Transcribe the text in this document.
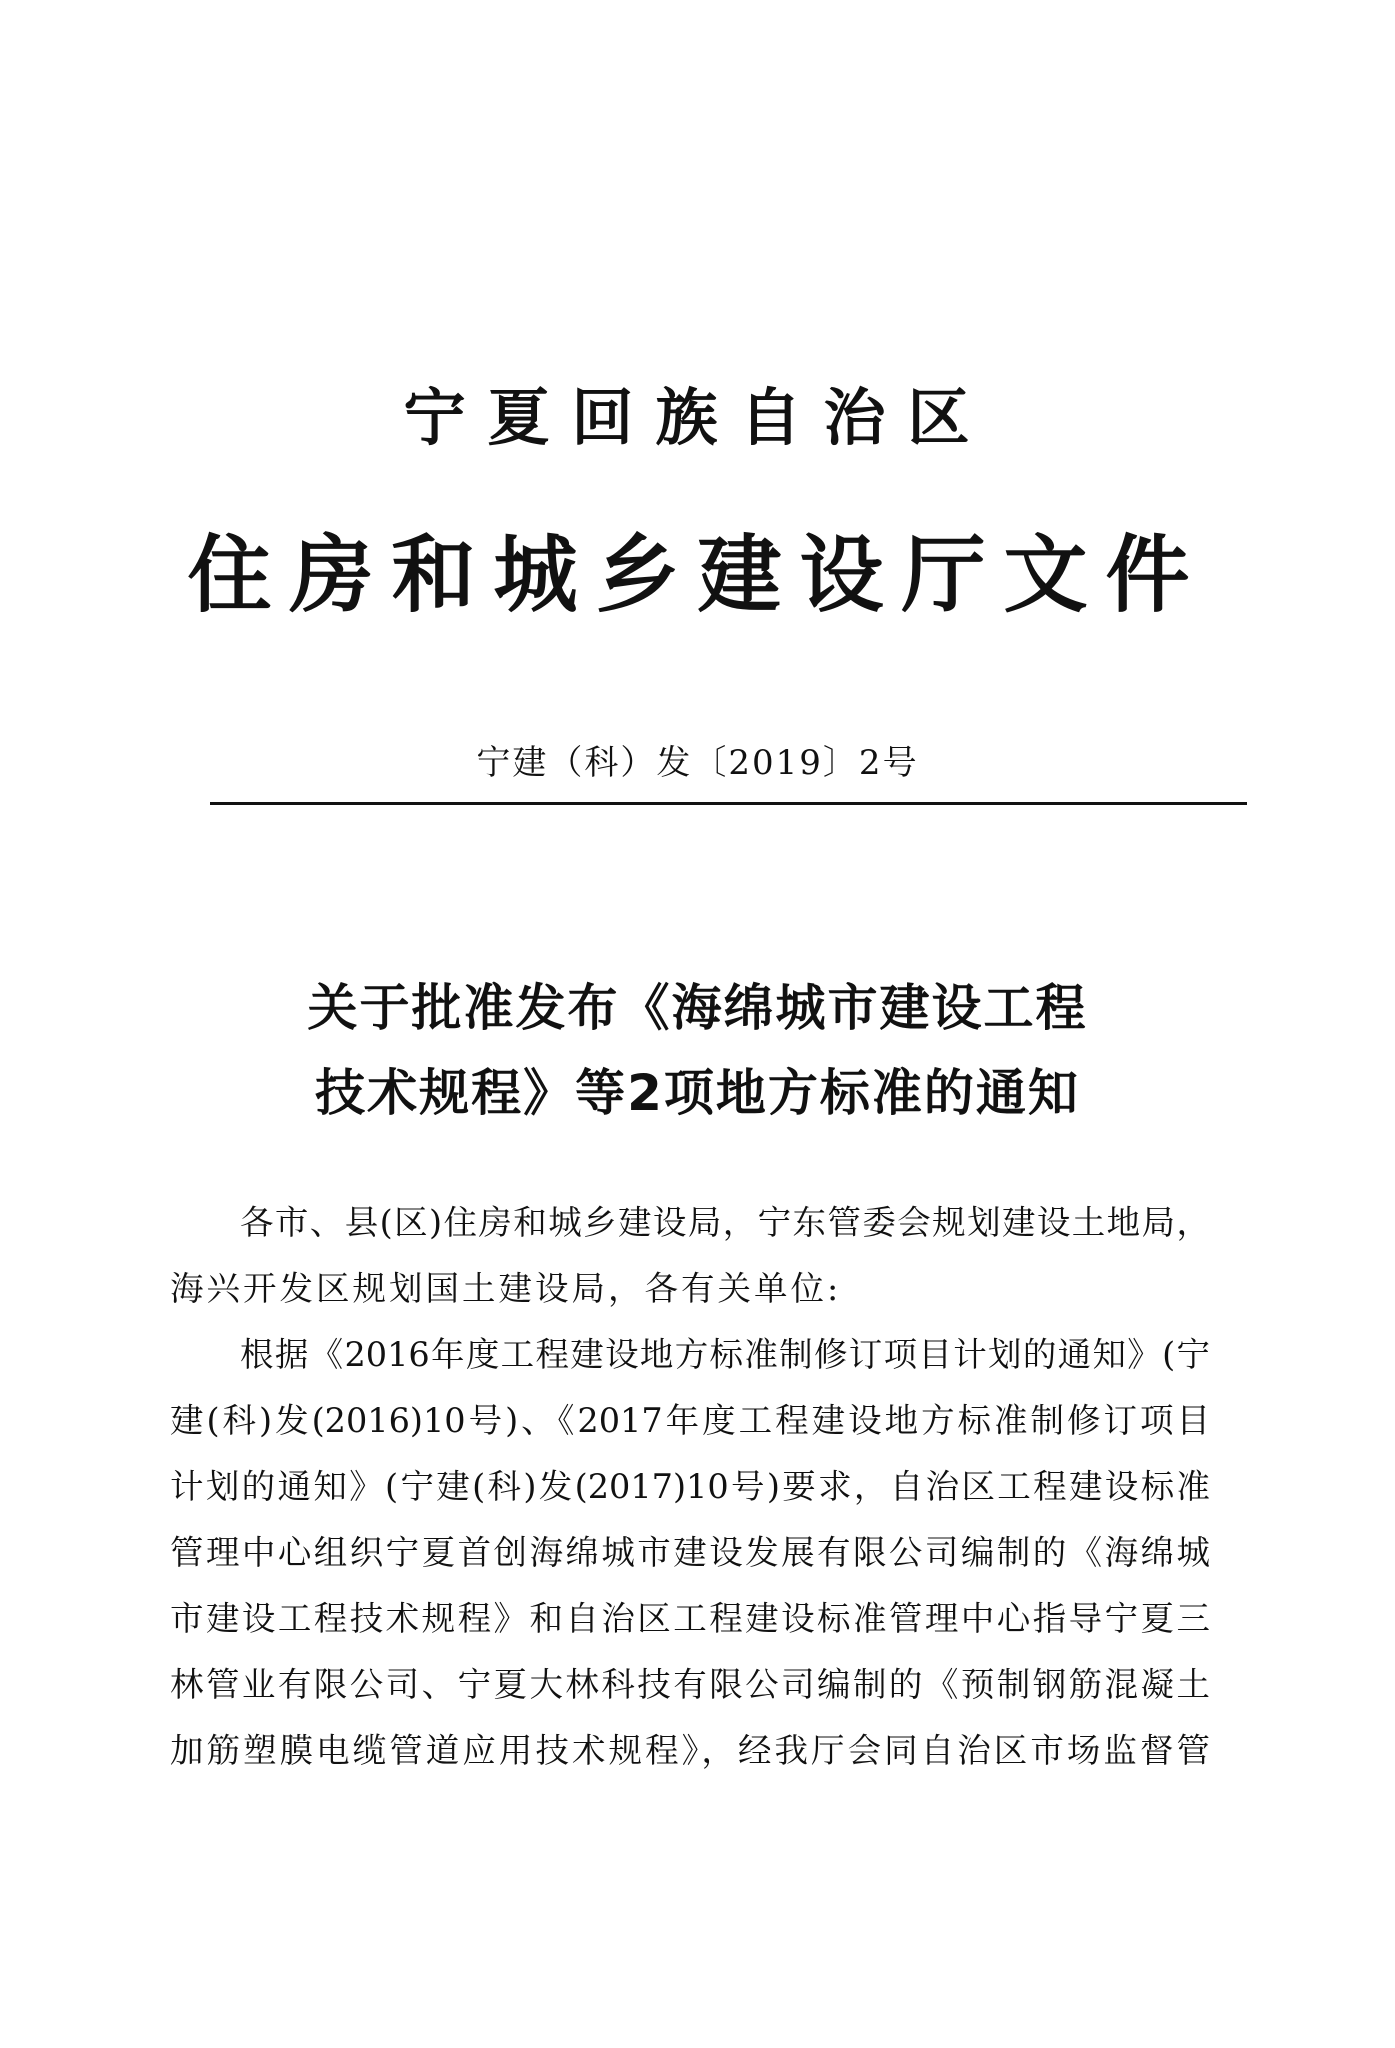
宁夏回族自治区
住房和城乡建设厅文件
宁建（科）发〔2019〕2号
关于批准发布《海绵城市建设工程
技术规程》等2项地方标准的通知
各市、县(区)住房和城乡建设局，宁东管委会规划建设土地局，
海兴开发区规划国土建设局，各有关单位:
根据《2016年度工程建设地方标准制修订项目计划的通知》(宁
建(科)发(2016)10号)、《2017年度工程建设地方标准制修订项目
计划的通知》(宁建(科)发(2017)10号)要求，自治区工程建设标准
管理中心组织宁夏首创海绵城市建设发展有限公司编制的《海绵城
市建设工程技术规程》和自治区工程建设标准管理中心指导宁夏三
林管业有限公司、宁夏大林科技有限公司编制的《预制钢筋混凝土
加筋塑膜电缆管道应用技术规程》，经我厅会同自治区市场监督管
